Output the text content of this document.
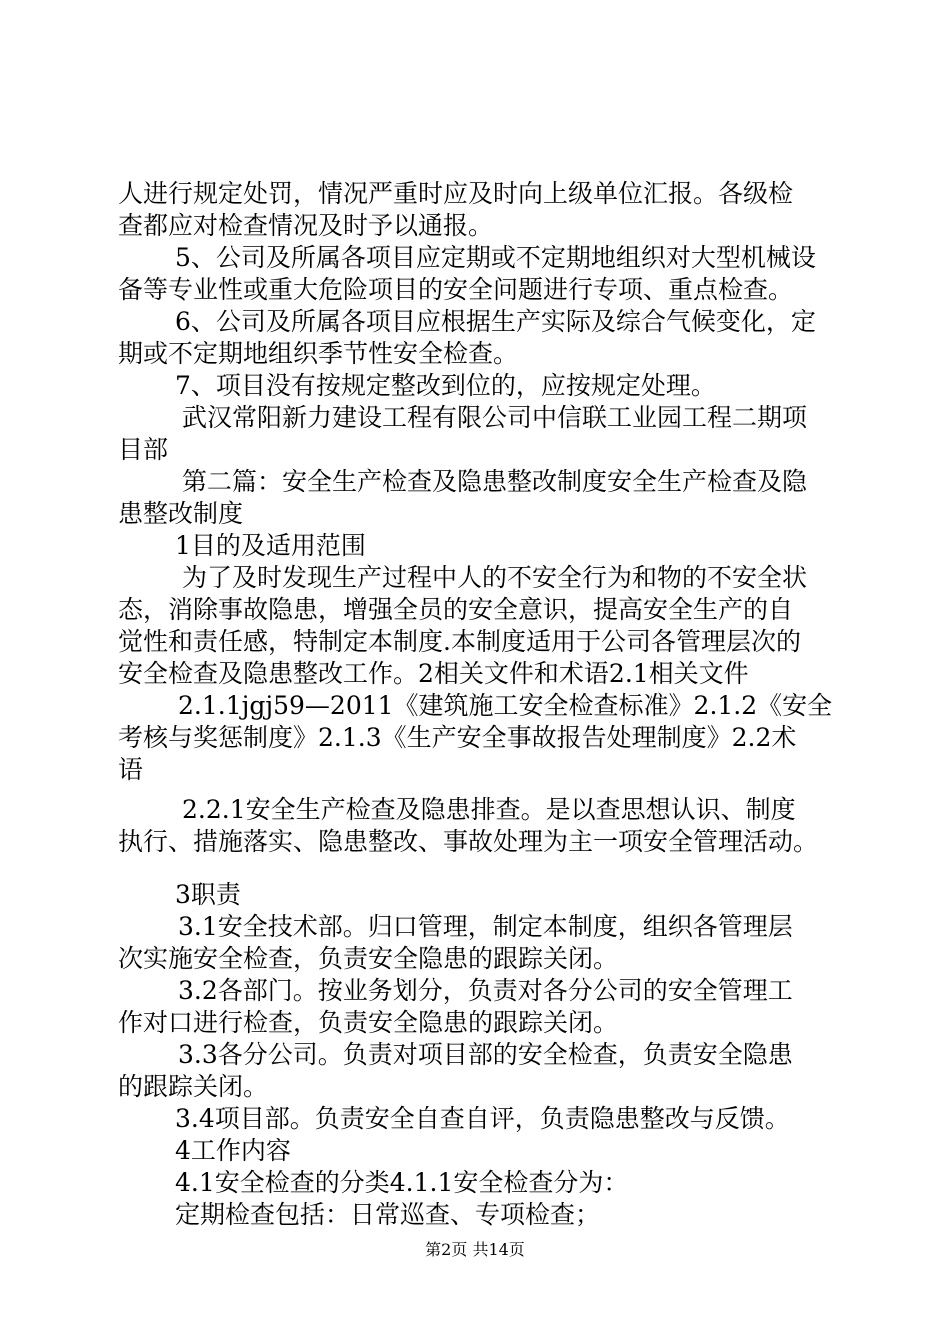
人进行规定处罚，情况严重时应及时向上级单位汇报。各级检
查都应对检查情况及时予以通报。
5、公司及所属各项目应定期或不定期地组织对大型机械设
备等专业性或重大危险项目的安全问题进行专项、重点检查。
6、公司及所属各项目应根据生产实际及综合气候变化，定
期或不定期地组织季节性安全检查。
7、项目没有按规定整改到位的，应按规定处理。
武汉常阳新力建设工程有限公司中信联工业园工程二期项
目部
第二篇：安全生产检查及隐患整改制度安全生产检查及隐
患整改制度
1目的及适用范围
为了及时发现生产过程中人的不安全行为和物的不安全状
态，消除事故隐患，增强全员的安全意识，提高安全生产的自
觉性和责任感，特制定本制度.本制度适用于公司各管理层次的
安全检查及隐患整改工作。2相关文件和术语2.1相关文件
2.1.1jgj59—2011《建筑施工安全检查标准》2.1.2《安全
考核与奖惩制度》2.1.3《生产安全事故报告处理制度》2.2术
语
2.2.1安全生产检查及隐患排查。是以查思想认识、制度
执行、措施落实、隐患整改、事故处理为主一项安全管理活动。
3职责
3.1安全技术部。归口管理，制定本制度，组织各管理层
次实施安全检查，负责安全隐患的跟踪关闭。
3.2各部门。按业务划分，负责对各分公司的安全管理工
作对口进行检查，负责安全隐患的跟踪关闭。
3.3各分公司。负责对项目部的安全检查，负责安全隐患
的跟踪关闭。
3.4项目部。负责安全自查自评，负责隐患整改与反馈。
4工作内容
4.1安全检查的分类4.1.1安全检查分为：
定期检查包括：日常巡查、专项检查；
第2页 共14页
